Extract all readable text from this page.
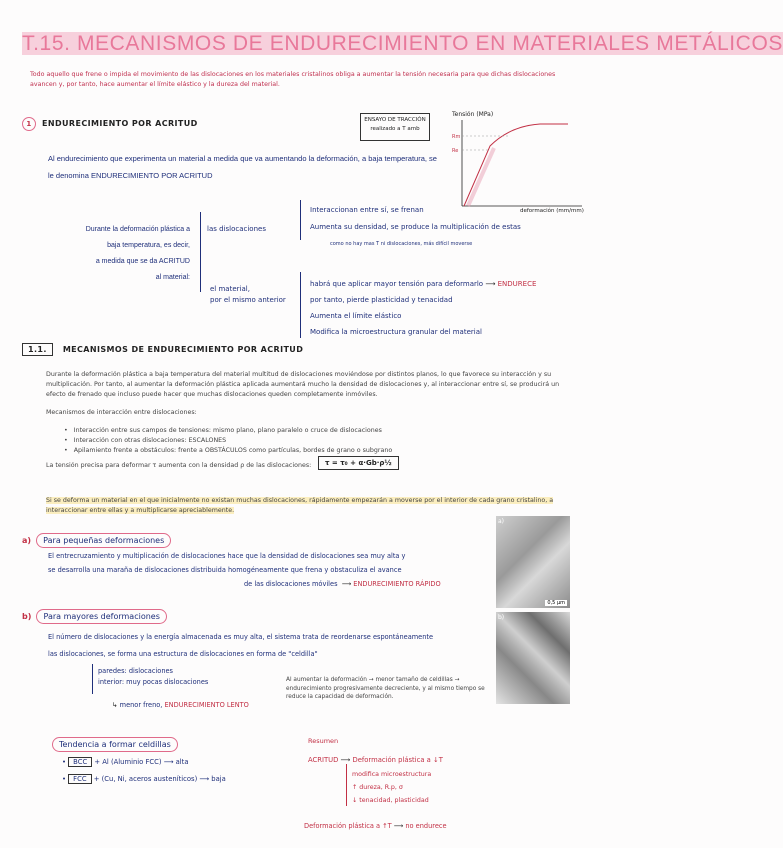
T.15. MECANISMOS DE ENDURECIMIENTO EN MATERIALES METÁLICOS
Todo aquello que frene o impida el movimiento de las dislocaciones en los materiales cristalinos obliga a aumentar la tensión necesaria para que dichas dislocaciones avancen y, por tanto, hace aumentar el límite elástico y la dureza del material.
1 ENDURECIMIENTO POR ACRITUD	ENSAYO DE TRACCIÓN
realizado a T amb
Tensión (MPa)
Rm
Re
deformación (mm/mm)
Al endurecimiento que experimenta un material a medida que va aumentando la deformación, a baja temperatura, se le denomina ENDURECIMIENTO POR ACRITUD
Durante la deformación plástica a
baja temperatura, es decir,
a medida que se da ACRITUD
al material:
las dislocaciones
Interaccionan entre sí, se frenan
Aumenta su densidad, se produce la multiplicación de estas
como no hay mas T ni dislocaciones, más difícil moverse
el material,
por el mismo anterior
habrá que aplicar mayor tensión para deformarlo ⟶ ENDURECE
por tanto, pierde plasticidad y tenacidad
Aumenta el límite elástico
Modifica la microestructura granular del material
1.1. MECANISMOS DE ENDURECIMIENTO POR ACRITUD
Durante la deformación plástica a baja temperatura del material multitud de dislocaciones moviéndose por distintos planos, lo que favorece su interacción y su multiplicación. Por tanto, al aumentar la deformación plástica aplicada aumentará mucho la densidad de dislocaciones y, al interaccionar entre sí, se producirá un efecto de frenado que incluso puede hacer que muchas dislocaciones queden completamente inmóviles.
Mecanismos de interacción entre dislocaciones:
•   Interacción entre sus campos de tensiones: mismo plano, plano paralelo o cruce de dislocaciones
•   Interacción con otras dislocaciones: ESCALONES
•   Apilamiento frente a obstáculos: frente a OBSTÁCULOS como partículas, bordes de grano o subgrano
La tensión precisa para deformar τ aumenta con la densidad ρ de las dislocaciones:	τ = τ₀ + α·Gb·ρ½
Si se deforma un material en el que inicialmente no existan muchas dislocaciones, rápidamente empezarán a moverse por el interior de cada grano cristalino, a interaccionar entre ellas y a multiplicarse apreciablemente.
a) Para pequeñas deformaciones
El entrecruzamiento y multiplicación de dislocaciones hace que la densidad de dislocaciones sea muy alta y
se desarrolla una maraña de dislocaciones distribuida homogéneamente que frena y obstaculiza el avance
de las dislocaciones móviles ⟶ ENDURECIMIENTO RÁPIDO
b) Para mayores deformaciones
El número de dislocaciones y la energía almacenada es muy alta, el sistema trata de reordenarse espontáneamente
las dislocaciones, se forma una estructura de dislocaciones en forma de "celdilla"
paredes: dislocaciones
interior: muy pocas dislocaciones
↳ menor freno, ENDURECIMIENTO LENTO
Al aumentar la deformación → menor tamaño de celdillas → endurecimiento progresivamente decreciente, y al mismo tiempo se reduce la capacidad de deformación.
a)
0,5 µm
b)
Tendencia a formar celdillas
• BCC + Al (Aluminio FCC) ⟶ alta
• FCC + (Cu, Ni, aceros austeníticos) ⟶ baja
Resumen
ACRITUD ⟶ Deformación plástica a ↓T
modifica microestructura
↑ dureza, R.p, σ
↓ tenacidad, plasticidad
Deformación plástica a ↑T ⟶ no endurece
